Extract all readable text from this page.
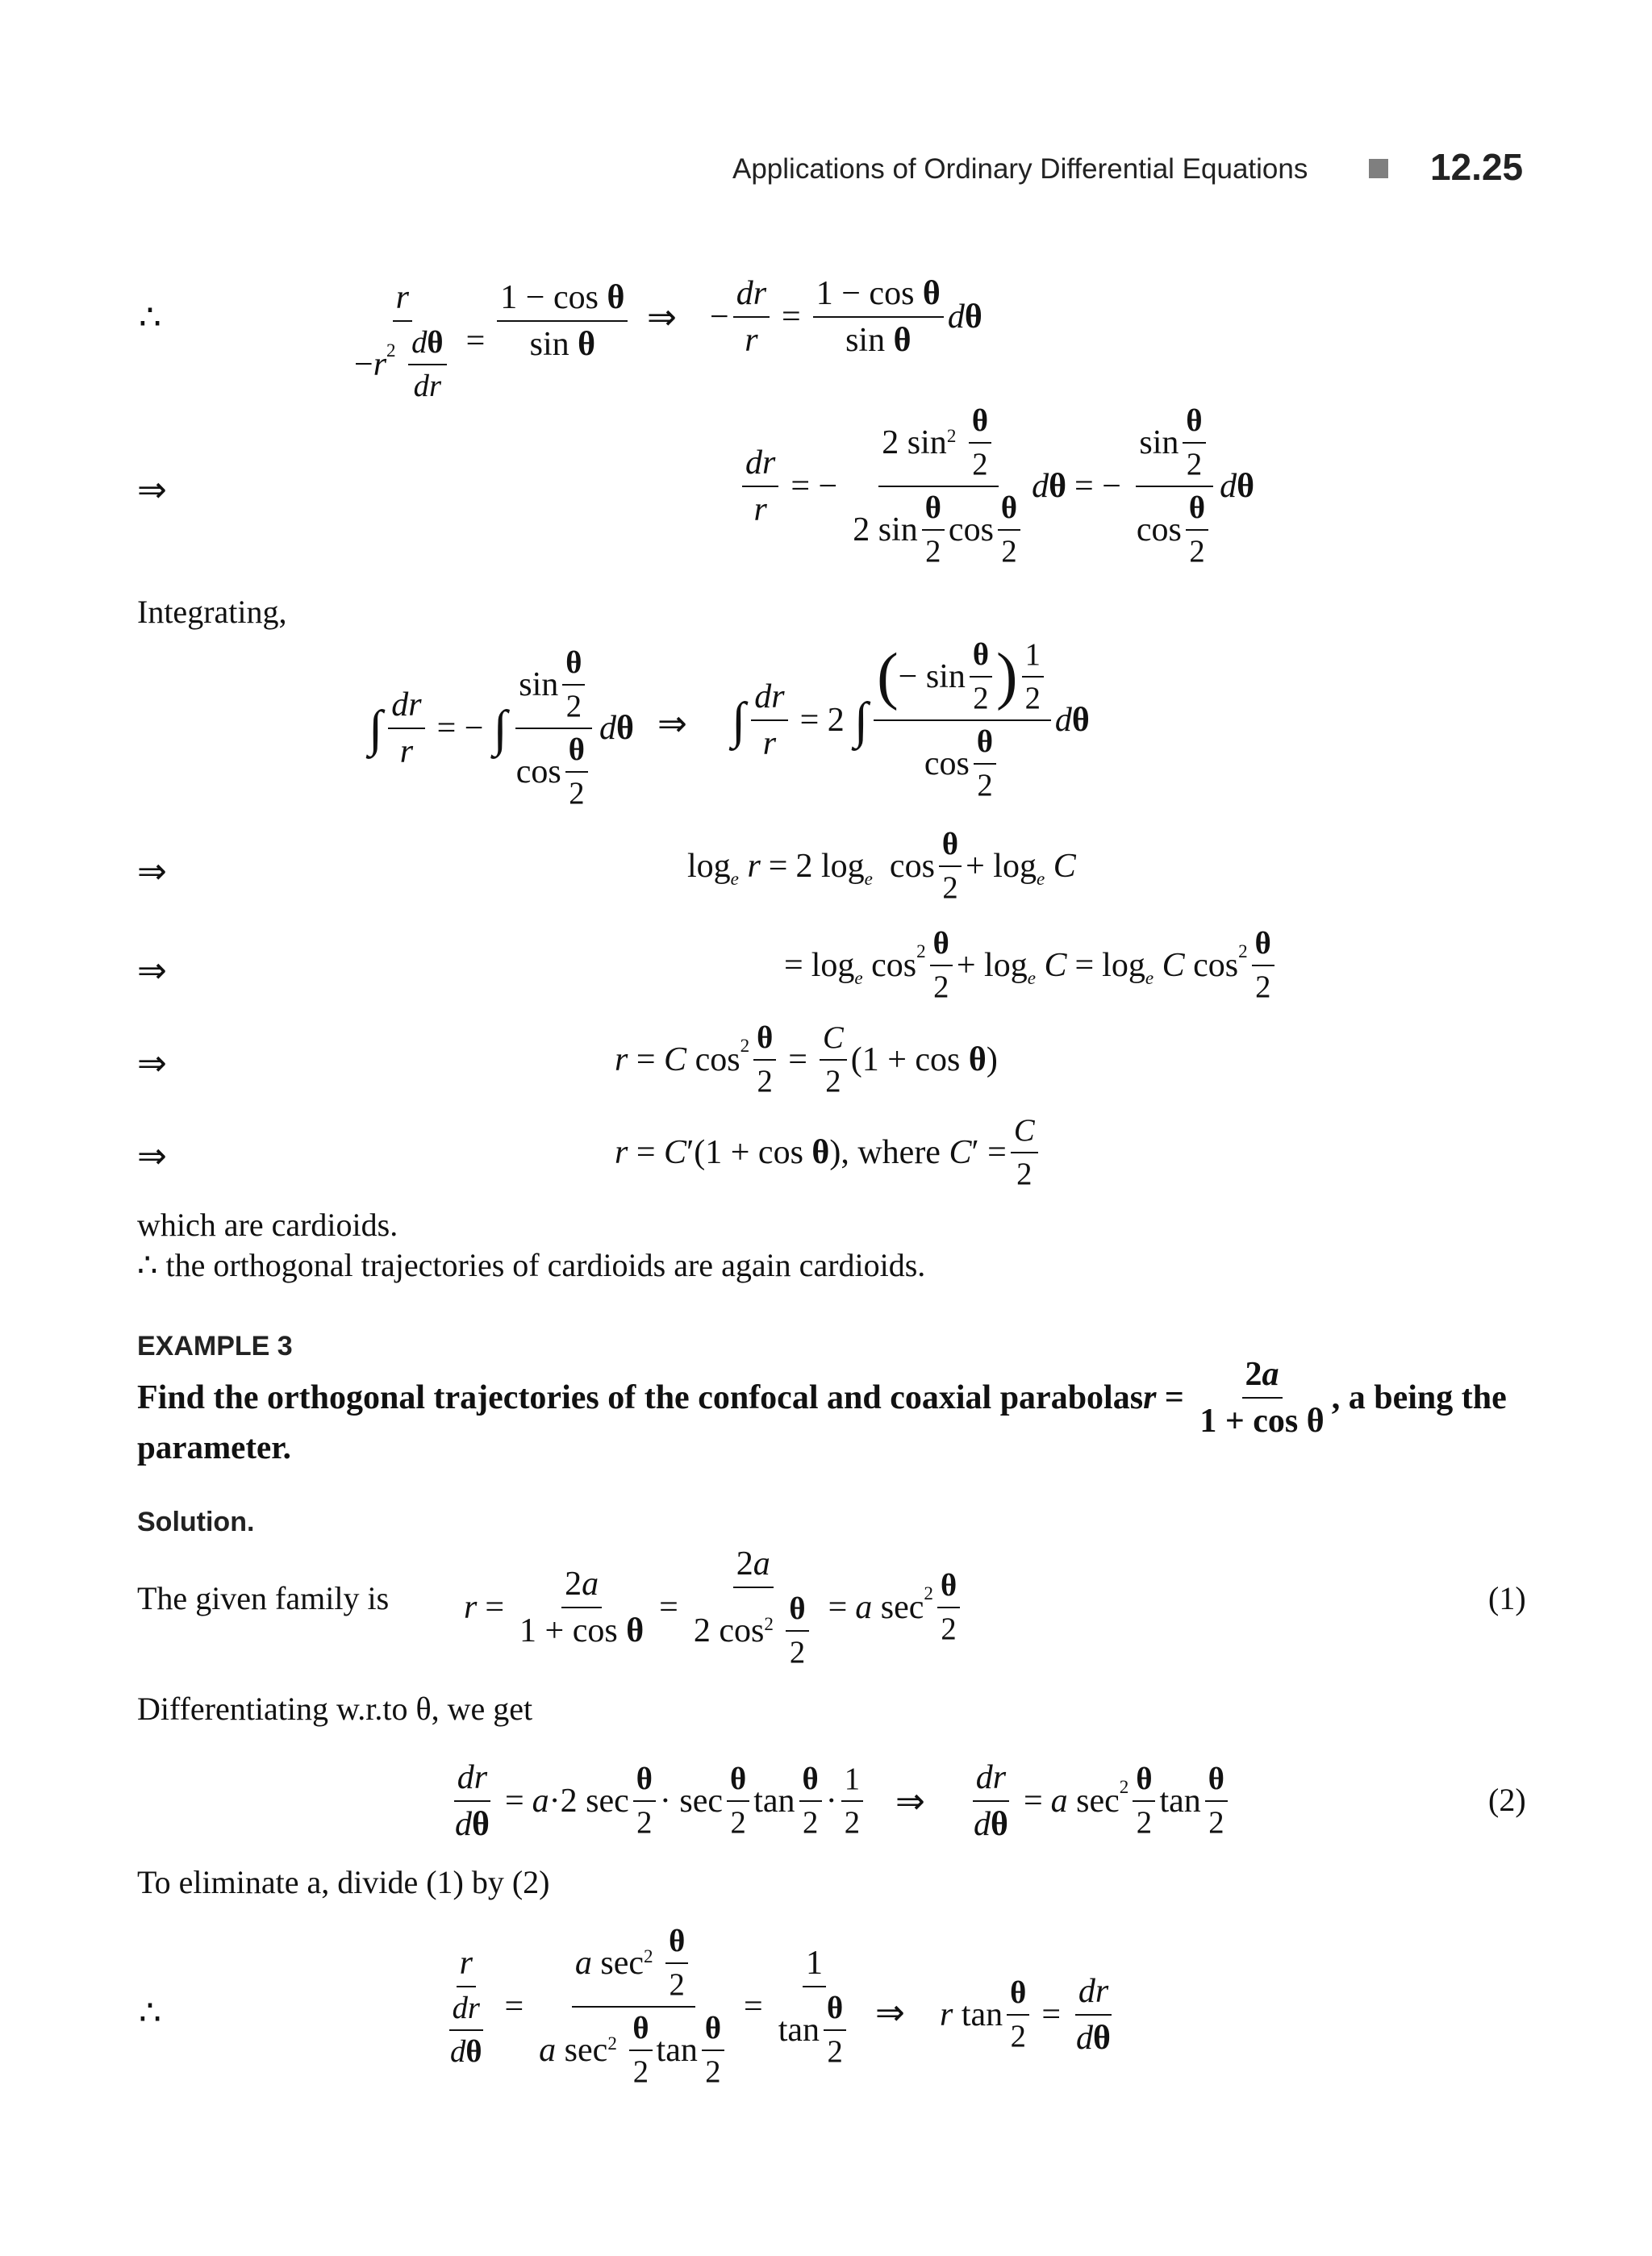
Applications of Ordinary Differential Equations	12.25
∴	r
$-r^2$
$\frac{\text{d θ}}{dr} = \frac{\text{1 − cos θ}}{\text{sin θ}}$ ⇒ − $\frac{dr}{r} = \frac{\text{1 − cos θ}}{\text{sin θ}}$ dθ
⇒	$\frac{dr}{r}$ = − 2 sin 2
$\frac{\theta}{2}$
2 $\sin \frac{\theta}{2}$ $\cos \frac{\theta}{2}$ dθ = − $\frac{\sin \frac{\theta}{2}}{\cos \frac{\theta}{2}}$ dθ
Integrating,
∫ $\frac{dr}{r}$ = − ∫ $\frac{\sin \frac{\theta}{2}}{\cos \frac{\theta}{2}}$ dθ ⇒ ∫ $\frac{dr}{r} = 2$ ∫ $\frac{( - \sin \frac{\theta}{2} ) \frac{1}{2}}{\cos \frac{\theta}{2}}$ dθ
⇒	$\log_e r = 2$ $\log_e \cos \frac{\theta}{2} + \log_e C$
⇒	= $\log_e \cos^2 \frac{\theta}{2} + \log_e C = \log_e C$ $\cos^2 \frac{\theta}{2}$
⇒	r = C $\cos^2 \frac{\theta}{2} = \frac{C}{2} (1 + \cos \theta)$
⇒	r = C′(1 + cos θ), where $C' = \frac{C}{2}$
which are cardioids.
∴ the orthogonal trajectories of cardioids are again cardioids.
EXAMPLE 3
Find the orthogonal trajectories of the confocal and coaxial parabolas $r = \frac{2a}{\text{1 + cos θ}}$ , a being the
parameter.
Solution.
The given family is $r = \frac{2 a}{\text{1 + cos θ}} = 2$ a
2 cos 2
$\frac{\theta}{2} = a$ $\sec^2 \frac{\theta}{2}$	(1)
Differentiating w.r.to θ, we get
$\frac{dr}{\text{d θ}} = a\cdot 2$ $\sec \frac{\theta}{2} \cdot \sec \frac{\theta}{2}$ $\tan \frac{\theta}{2} \cdot \frac{1}{2}$ ⇒ $\frac{dr}{\text{d θ}} = a$ $\sec^2 \frac{\theta}{2}$ $\tan \frac{\theta}{2}$	(2)
To eliminate a, divide (1) by (2)
∴	$\frac{r}{\frac{dr}{\text{d θ}}} = a$ sec 2
$\frac{\theta}{2}$
a sec 2
$\frac{\theta}{2}$ $\tan \frac{\theta}{2} = \frac{1}{\tan \frac{\theta}{2}}$ ⇒ r $\tan \frac{\theta}{2} = \frac{dr}{\text{d θ}}$
